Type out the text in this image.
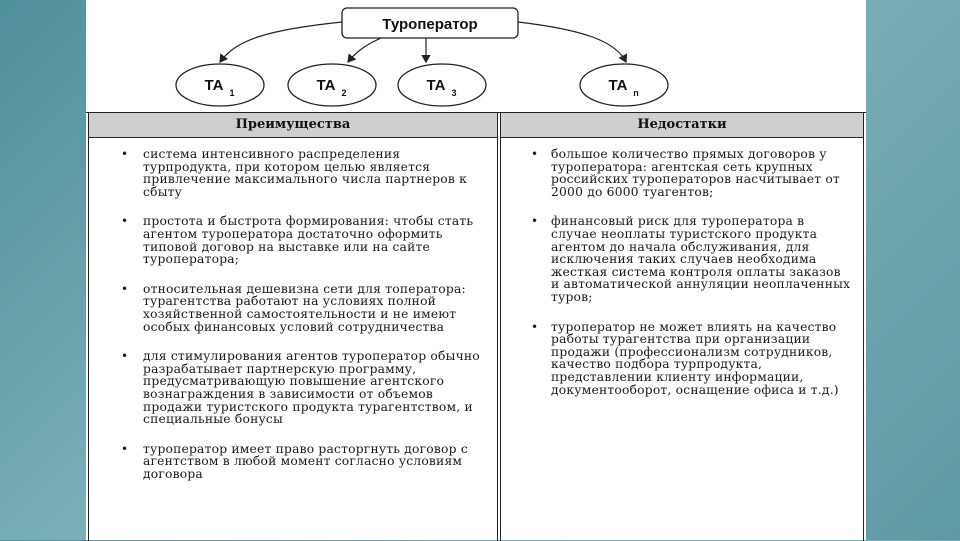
Туроператор
ТА 1	ТА 2	ТА 3	ТА n
Преимущества
• система интенсивного распределения турпродукта, при котором целью является привлечение максимального числа партнеров к сбыту
• простота и быстрота формирования: чтобы стать агентом туроператора достаточно оформить типовой договор на выставке или на сайте туроператора;
• относительная дешевизна сети для топератора: турагентства работают на условиях полной хозяйственной самостоятельности и не имеют особых финансовых условий сотрудничества
• для стимулирования агентов туроператор обычно разрабатывает партнерскую программу, предусматривающую повышение агентского вознаграждения в зависимости от объемов продажи туристского продукта турагентством, и специальные бонусы
• туроператор имеет право расторгнуть договор с агентством в любой момент согласно условиям договора
Недостатки
• большое количество прямых договоров у туроператора: агентская сеть крупных российских туроператоров насчитывает от 2000 до 6000 туагентов;
• финансовый риск для туроператора в случае неоплаты туристского продукта агентом до начала обслуживания, для исключения таких случаев необходима жесткая система контроля оплаты заказов и автоматической аннуляции неоплаченных туров;
• туроператор не может влиять на качество работы турагентства при организации продажи (профессионализм сотрудников, качество подбора турпродукта, представлении клиенту информации, документооборот, оснащение офиса и т.д.)
